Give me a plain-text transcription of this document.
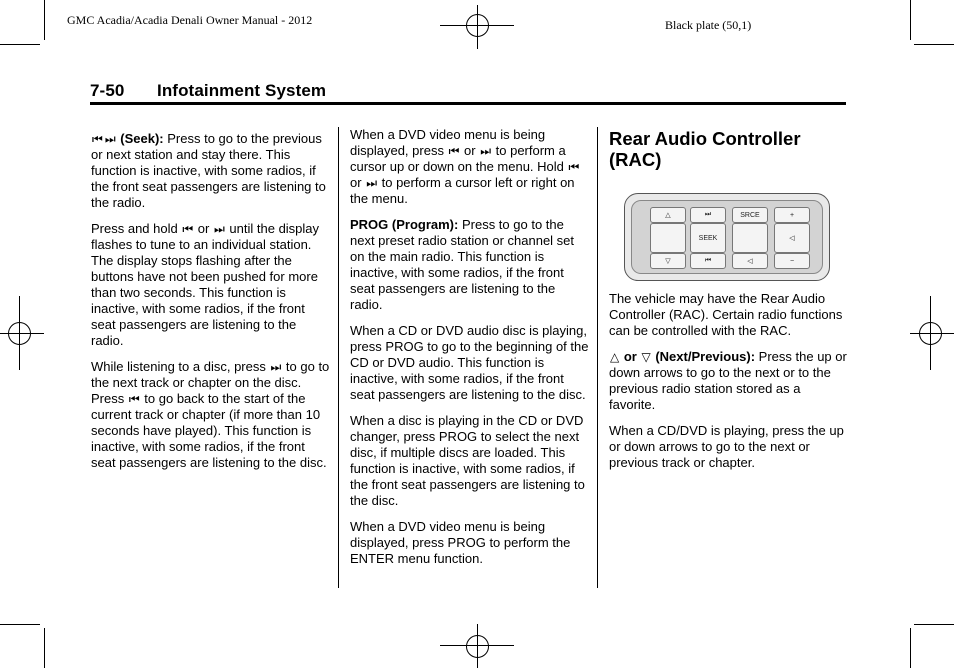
GMC Acadia/Acadia Denali Owner Manual - 2012	Black plate (50,1)
7-50 Infotainment System

⏮ ⏭ (Seek): Press to go to the previous or next station and stay there. This function is inactive, with some radios, if the front seat passengers are listening to the radio.

Press and hold ⏮ or ⏭ until the display flashes to tune to an individual station. The display stops flashing after the buttons have not been pushed for more than two seconds. This function is inactive, with some radios, if the front seat passengers are listening to the radio.

While listening to a disc, press ⏭ to go to the next track or chapter on the disc. Press ⏮ to go back to the start of the current track or chapter (if more than 10 seconds have played). This function is inactive, with some radios, if the front seat passengers are listening to the disc.

When a DVD video menu is being displayed, press ⏮ or ⏭ to perform a cursor up or down on the menu. Hold ⏮ or ⏭ to perform a cursor left or right on the menu.

PROG (Program): Press to go to the next preset radio station or channel set on the main radio. This function is inactive, with some radios, if the front seat passengers are listening to the radio.

When a CD or DVD audio disc is playing, press PROG to go to the beginning of the CD or DVD audio. This function is inactive, with some radios, if the front seat passengers are listening to the disc.

When a disc is playing in the CD or DVD changer, press PROG to select the next disc, if multiple discs are loaded. This function is inactive, with some radios, if the front seat passengers are listening to the disc.

When a DVD video menu is being displayed, press PROG to perform the ENTER menu function.

Rear Audio Controller (RAC)
△
▽
⏭
SEEK
⏮
SRCE
◁
+
◁
−

The vehicle may have the Rear Audio Controller (RAC). Certain radio functions can be controlled with the RAC.

△ or ▽ (Next/Previous): Press the up or down arrows to go to the next or to the previous radio station stored as a favorite.

When a CD/DVD is playing, press the up or down arrows to go to the next or previous track or chapter.
